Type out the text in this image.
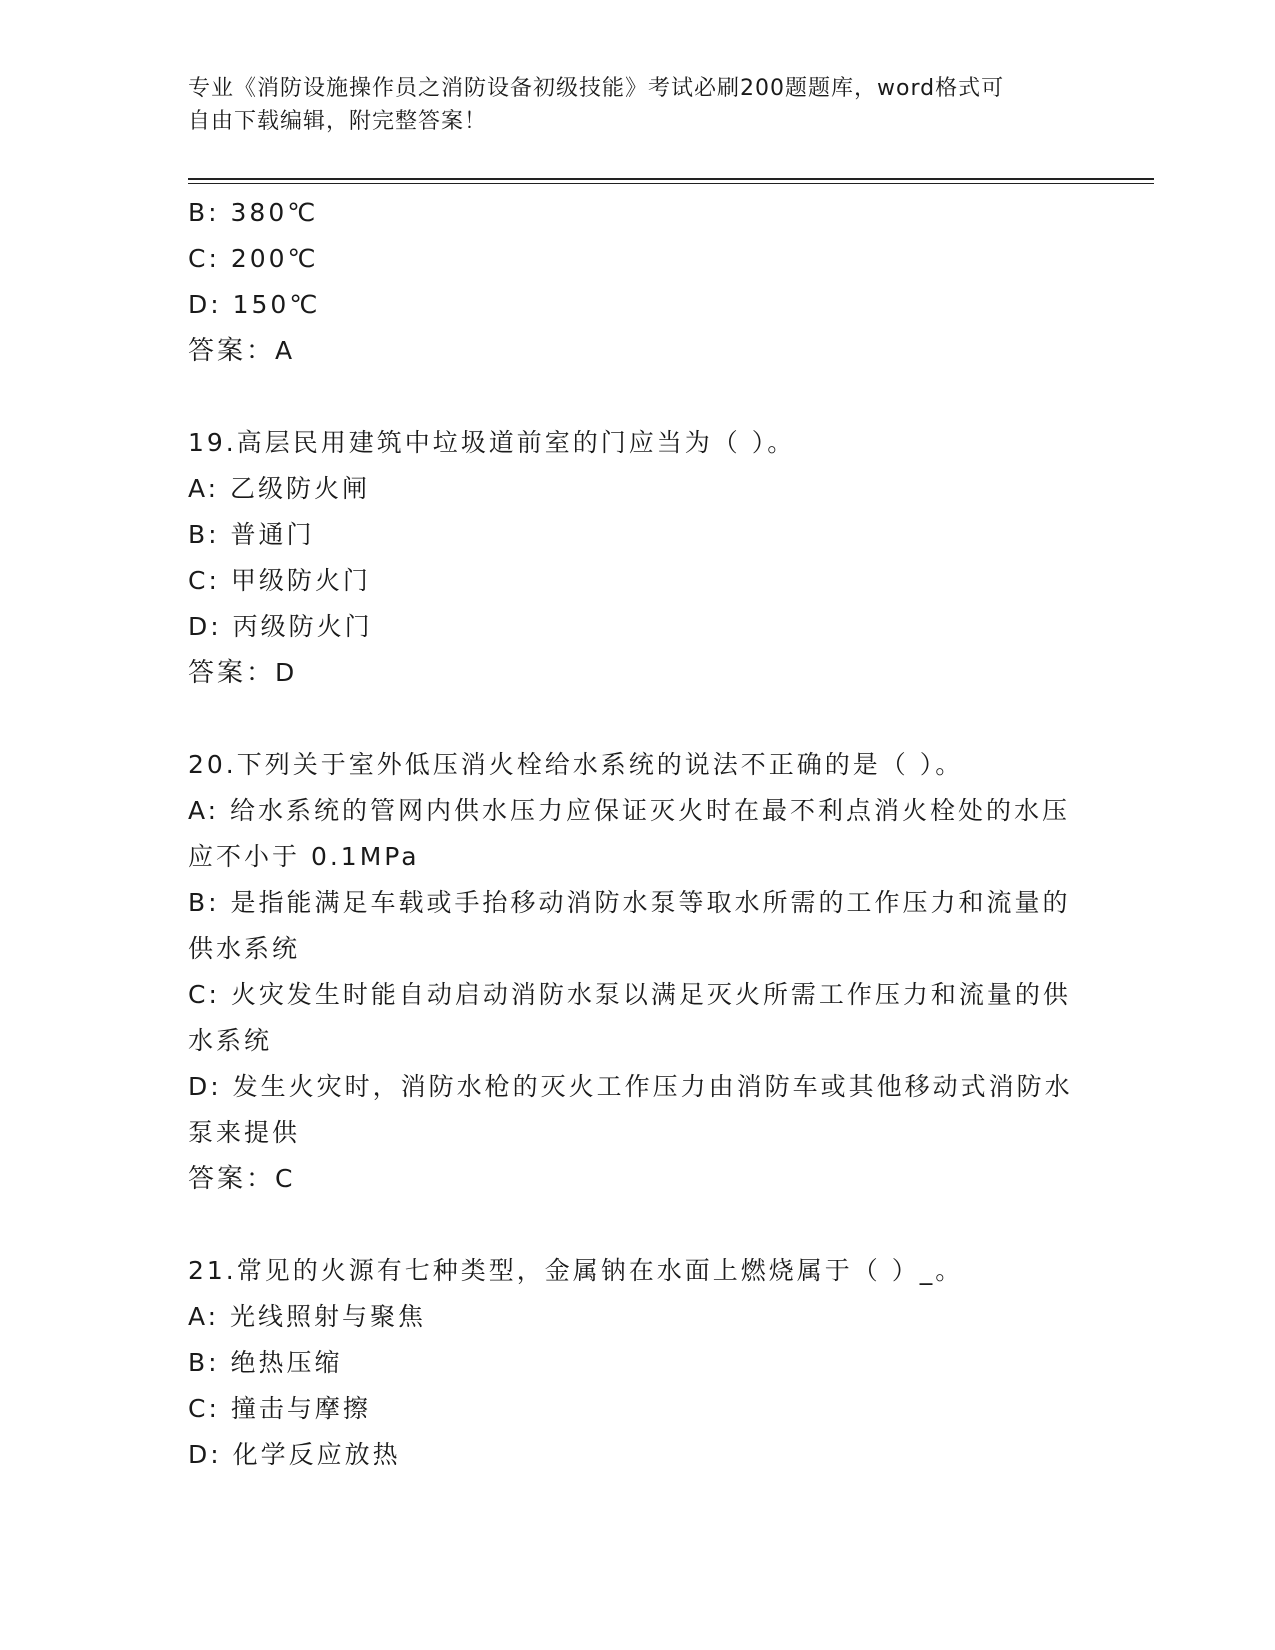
专业《消防设施操作员之消防设备初级技能》考试必刷200题题库，word格式可
自由下载编辑，附完整答案！
B: 380℃
C: 200℃
D: 150℃
答案：A
19.高层民用建筑中垃圾道前室的门应当为（ ）。
A: 乙级防火闸
B: 普通门
C: 甲级防火门
D: 丙级防火门
答案：D
20.下列关于室外低压消火栓给水系统的说法不正确的是（ ）。
A: 给水系统的管网内供水压力应保证灭火时在最不利点消火栓处的水压应不小于 0.1MPa
B: 是指能满足车载或手抬移动消防水泵等取水所需的工作压力和流量的供水系统
C: 火灾发生时能自动启动消防水泵以满足灭火所需工作压力和流量的供水系统
D: 发生火灾时，消防水枪的灭火工作压力由消防车或其他移动式消防水泵来提供
答案：C
21.常见的火源有七种类型，金属钠在水面上燃烧属于（ ）_。
A: 光线照射与聚焦
B: 绝热压缩
C: 撞击与摩擦
D: 化学反应放热
